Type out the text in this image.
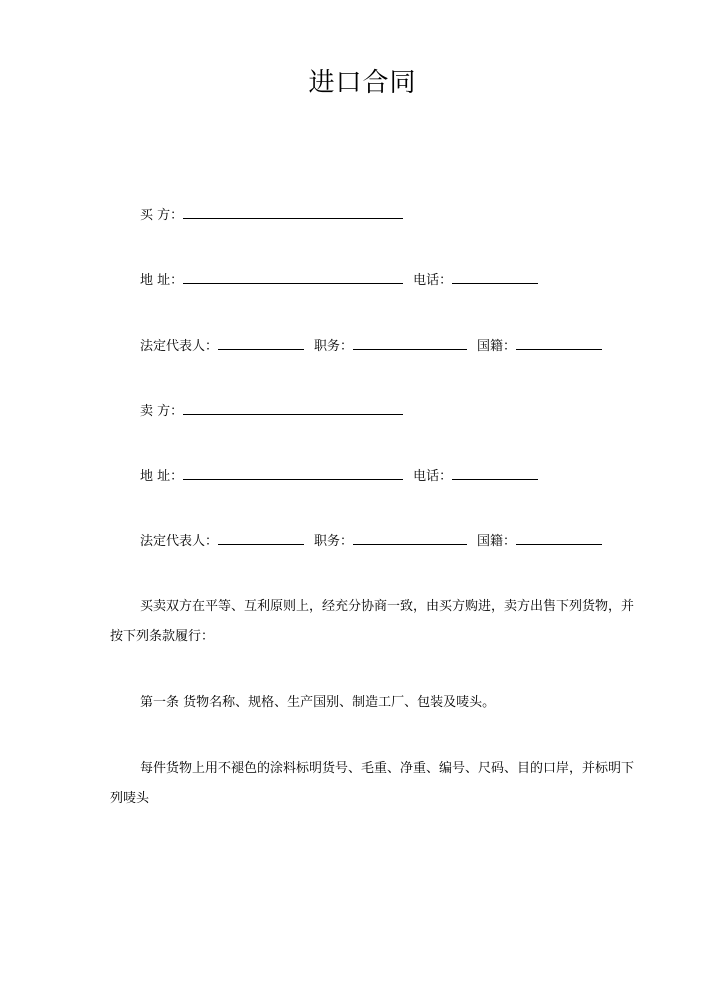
进口合同
买 方：
地 址：	电话：
法定代表人：	职务：	国籍：
卖 方：
地 址：	电话：
法定代表人：	职务：	国籍：
买卖双方在平等、互利原则上，经充分协商一致，由买方购进，卖方出售下列货物，并按下列条款履行：
第一条 货物名称、规格、生产国别、制造工厂、包装及唛头。
每件货物上用不褪色的涂料标明货号、毛重、净重、编号、尺码、目的口岸，并标明下列唛头
